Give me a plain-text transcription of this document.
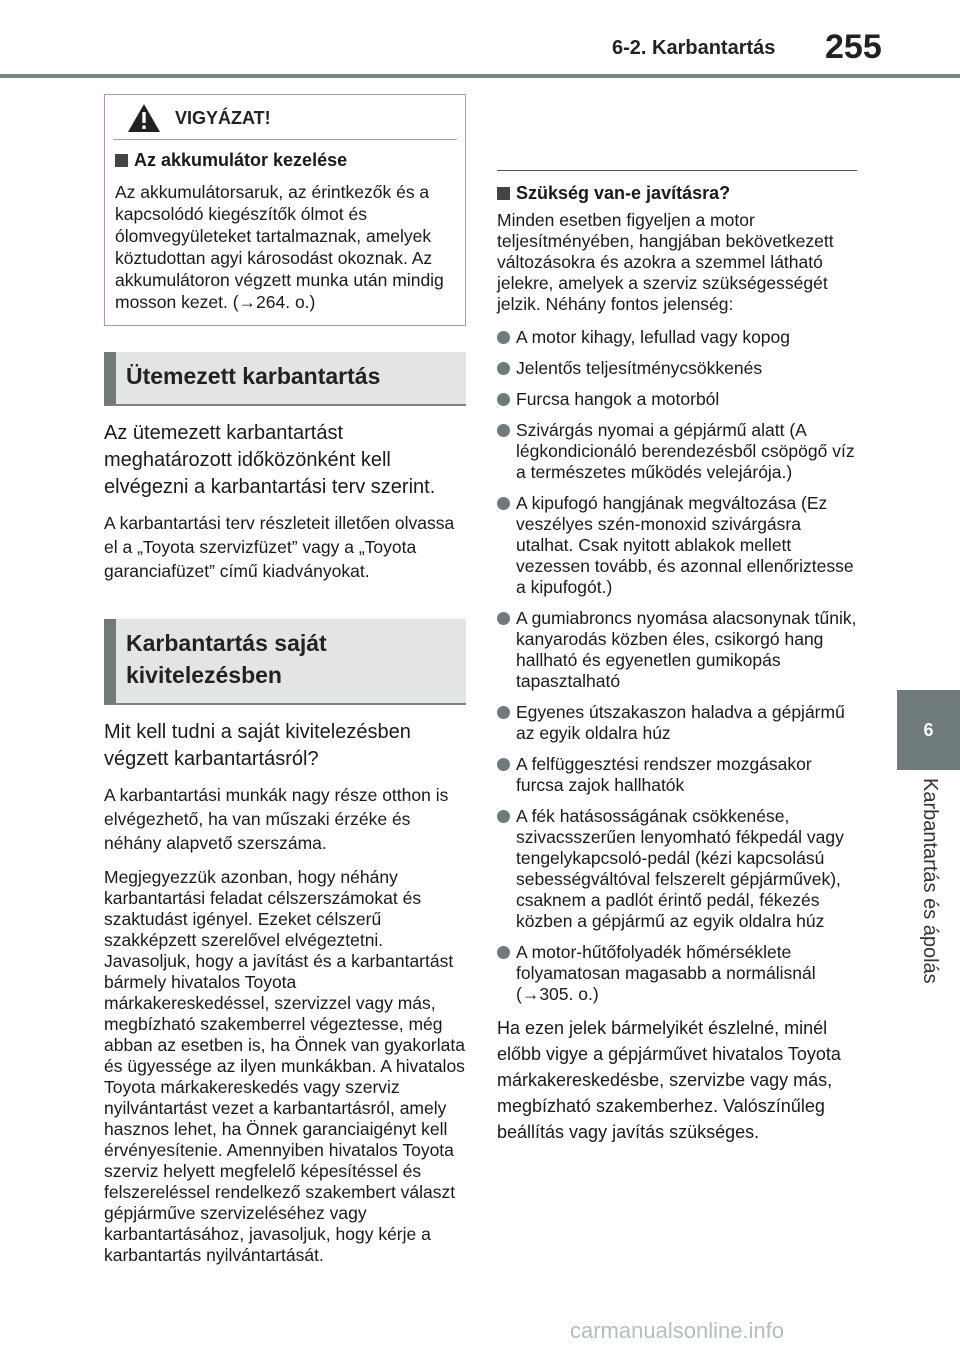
6-2. Karbantartás 255
6
Karbantartás és ápolás
VIGYÁZAT!
Az akkumulátor kezelése
Az akkumulátorsaruk, az érintkezők és a kapcsolódó kiegészítők ólmot és ólomvegyületeket tartalmaznak, amelyek köztudottan agyi károsodást okoznak. Az akkumulátoron végzett munka után mindig mosson kezet. (→264. o.)
Ütemezett karbantartás
Az ütemezett karbantartást meghatározott időközönként kell elvégezni a karbantartási terv szerint.
A karbantartási terv részleteit illetően olvassa el a „Toyota szervizfüzet” vagy a „Toyota garanciafüzet” című kiadványokat.
Karbantartás saját kivitelezésben
Mit kell tudni a saját kivitelezésben végzett karbantartásról?
A karbantartási munkák nagy része otthon is elvégezhető, ha van műszaki érzéke és néhány alapvető szerszáma.
Megjegyezzük azonban, hogy néhány karbantartási feladat célszerszámokat és szaktudást igényel. Ezeket célszerű szakképzett szerelővel elvégeztetni. Javasoljuk, hogy a javítást és a karbantartást bármely hivatalos Toyota márkakereskedéssel, szervizzel vagy más, megbízható szakemberrel végeztesse, még abban az esetben is, ha Önnek van gyakorlata és ügyessége az ilyen munkákban. A hivatalos Toyota márkakereskedés vagy szerviz nyilvántartást vezet a karbantartásról, amely hasznos lehet, ha Önnek garanciaigényt kell érvényesítenie. Amennyiben hivatalos Toyota szerviz helyett megfelelő képesítéssel és felszereléssel rendelkező szakembert választ gépjárműve szervizeléséhez vagy karbantartásához, javasoljuk, hogy kérje a karbantartás nyilvántartását.
Szükség van-e javításra?
Minden esetben figyeljen a motor teljesítményében, hangjában bekövetkezett változásokra és azokra a szemmel látható jelekre, amelyek a szerviz szükségességét jelzik. Néhány fontos jelenség:
A motor kihagy, lefullad vagy kopog
Jelentős teljesítménycsökkenés
Furcsa hangok a motorból
Szivárgás nyomai a gépjármű alatt (A légkondicionáló berendezésből csöpögő víz a természetes működés velejárója.)
A kipufogó hangjának megváltozása (Ez veszélyes szén-monoxid szivárgásra utalhat. Csak nyitott ablakok mellett vezessen tovább, és azonnal ellenőriztesse a kipufogót.)
A gumiabroncs nyomása alacsonynak tűnik, kanyarodás közben éles, csikorgó hang hallható és egyenetlen gumikopás tapasztalható
Egyenes útszakaszon haladva a gépjármű az egyik oldalra húz
A felfüggesztési rendszer mozgásakor furcsa zajok hallhatók
A fék hatásosságának csökkenése, szivacsszerűen lenyomható fékpedál vagy tengelykapcsoló-pedál (kézi kapcsolású sebességváltóval felszerelt gépjárművek), csaknem a padlót érintő pedál, fékezés közben a gépjármű az egyik oldalra húz
A motor-hűtőfolyadék hőmérséklete folyamatosan magasabb a normálisnál (→305. o.)
Ha ezen jelek bármelyikét észlelné, minél előbb vigye a gépjárművet hivatalos Toyota márkakereskedésbe, szervizbe vagy más, megbízható szakemberhez. Valószínűleg beállítás vagy javítás szükséges.
carmanualsonline.info
